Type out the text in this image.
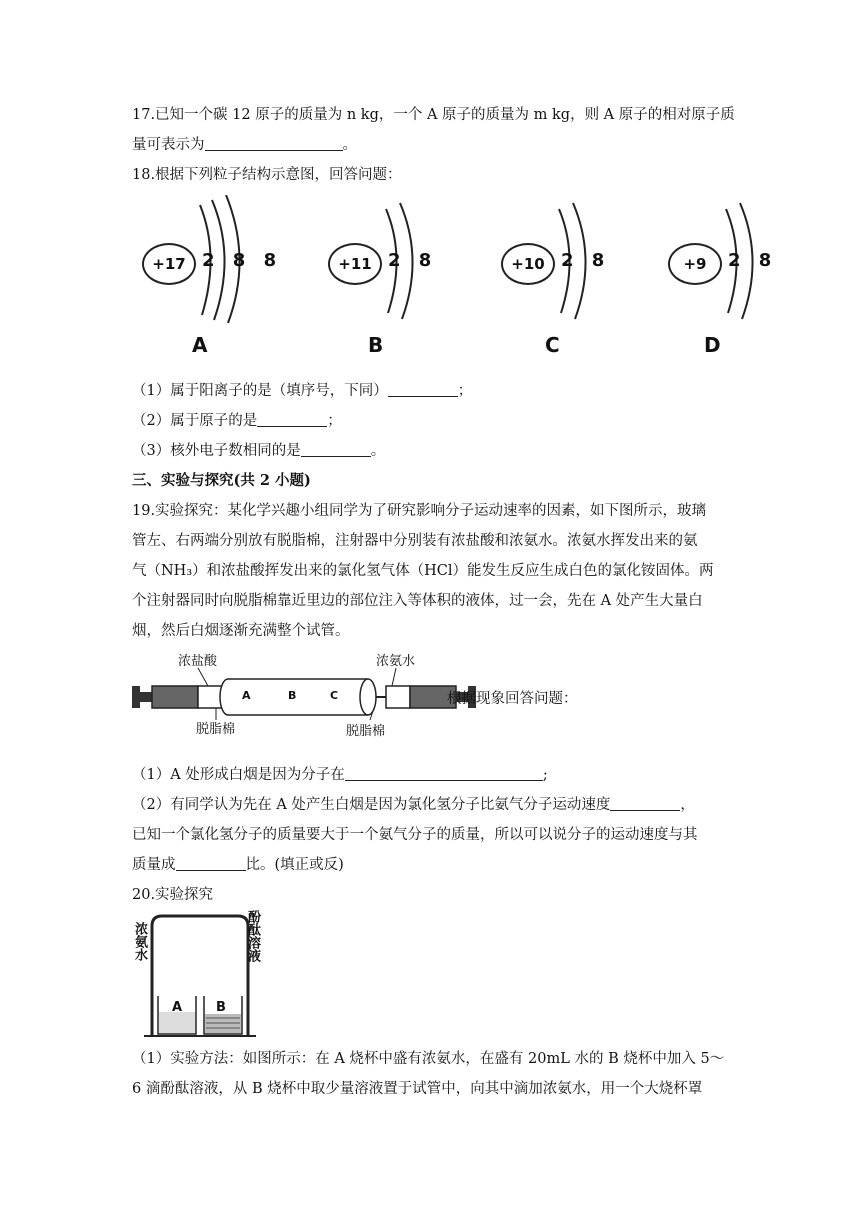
17.已知一个碳 12 原子的质量为 n kg，一个 A 原子的质量为 m kg，则 A 原子的相对原子质

量可表示为	。

18.根据下列粒子结构示意图，回答问题：

+17 2 8 8
A
+11 2 8
B
+10 2 8
C
+9	2 8
D

（1）属于阳离子的是（填序号，下同）	；

（2）属于原子的是	；

（3）核外电子数相同的是	。

三、实验与探究(共 2 小题)

19.实验探究：某化学兴趣小组同学为了研究影响分子运动速率的因素，如下图所示，玻璃

管左、右两端分别放有脱脂棉，注射器中分别装有浓盐酸和浓氨水。浓氨水挥发出来的氨

气（NH₃）和浓盐酸挥发出来的氯化氢气体（HCl）能发生反应生成白色的氯化铵固体。两

个注射器同时向脱脂棉靠近里边的部位注入等体积的液体，过一会，先在 A 处产生大量白

烟，然后白烟逐渐充满整个试管。

浓盐酸	浓氨水
脱脂棉	脱脂棉
A	B	C	根据现象回答问题：

（1）A 处形成白烟是因为分子在	;

（2）有同学认为先在 A 处产生白烟是因为氯化氢分子比氨气分子运动速度	，

已知一个氯化氢分子的质量要大于一个氨气分子的质量，所以可以说分子的运动速度与其

质量成	比。(填正或反)

20.实验探究

浓氨水	酚酞溶液
A	B

（1）实验方法：如图所示：在 A 烧杯中盛有浓氨水，在盛有 20mL 水的 B 烧杯中加入 5～

6 滴酚酞溶液，从 B 烧杯中取少量溶液置于试管中，向其中滴加浓氨水，用一个大烧杯罩
